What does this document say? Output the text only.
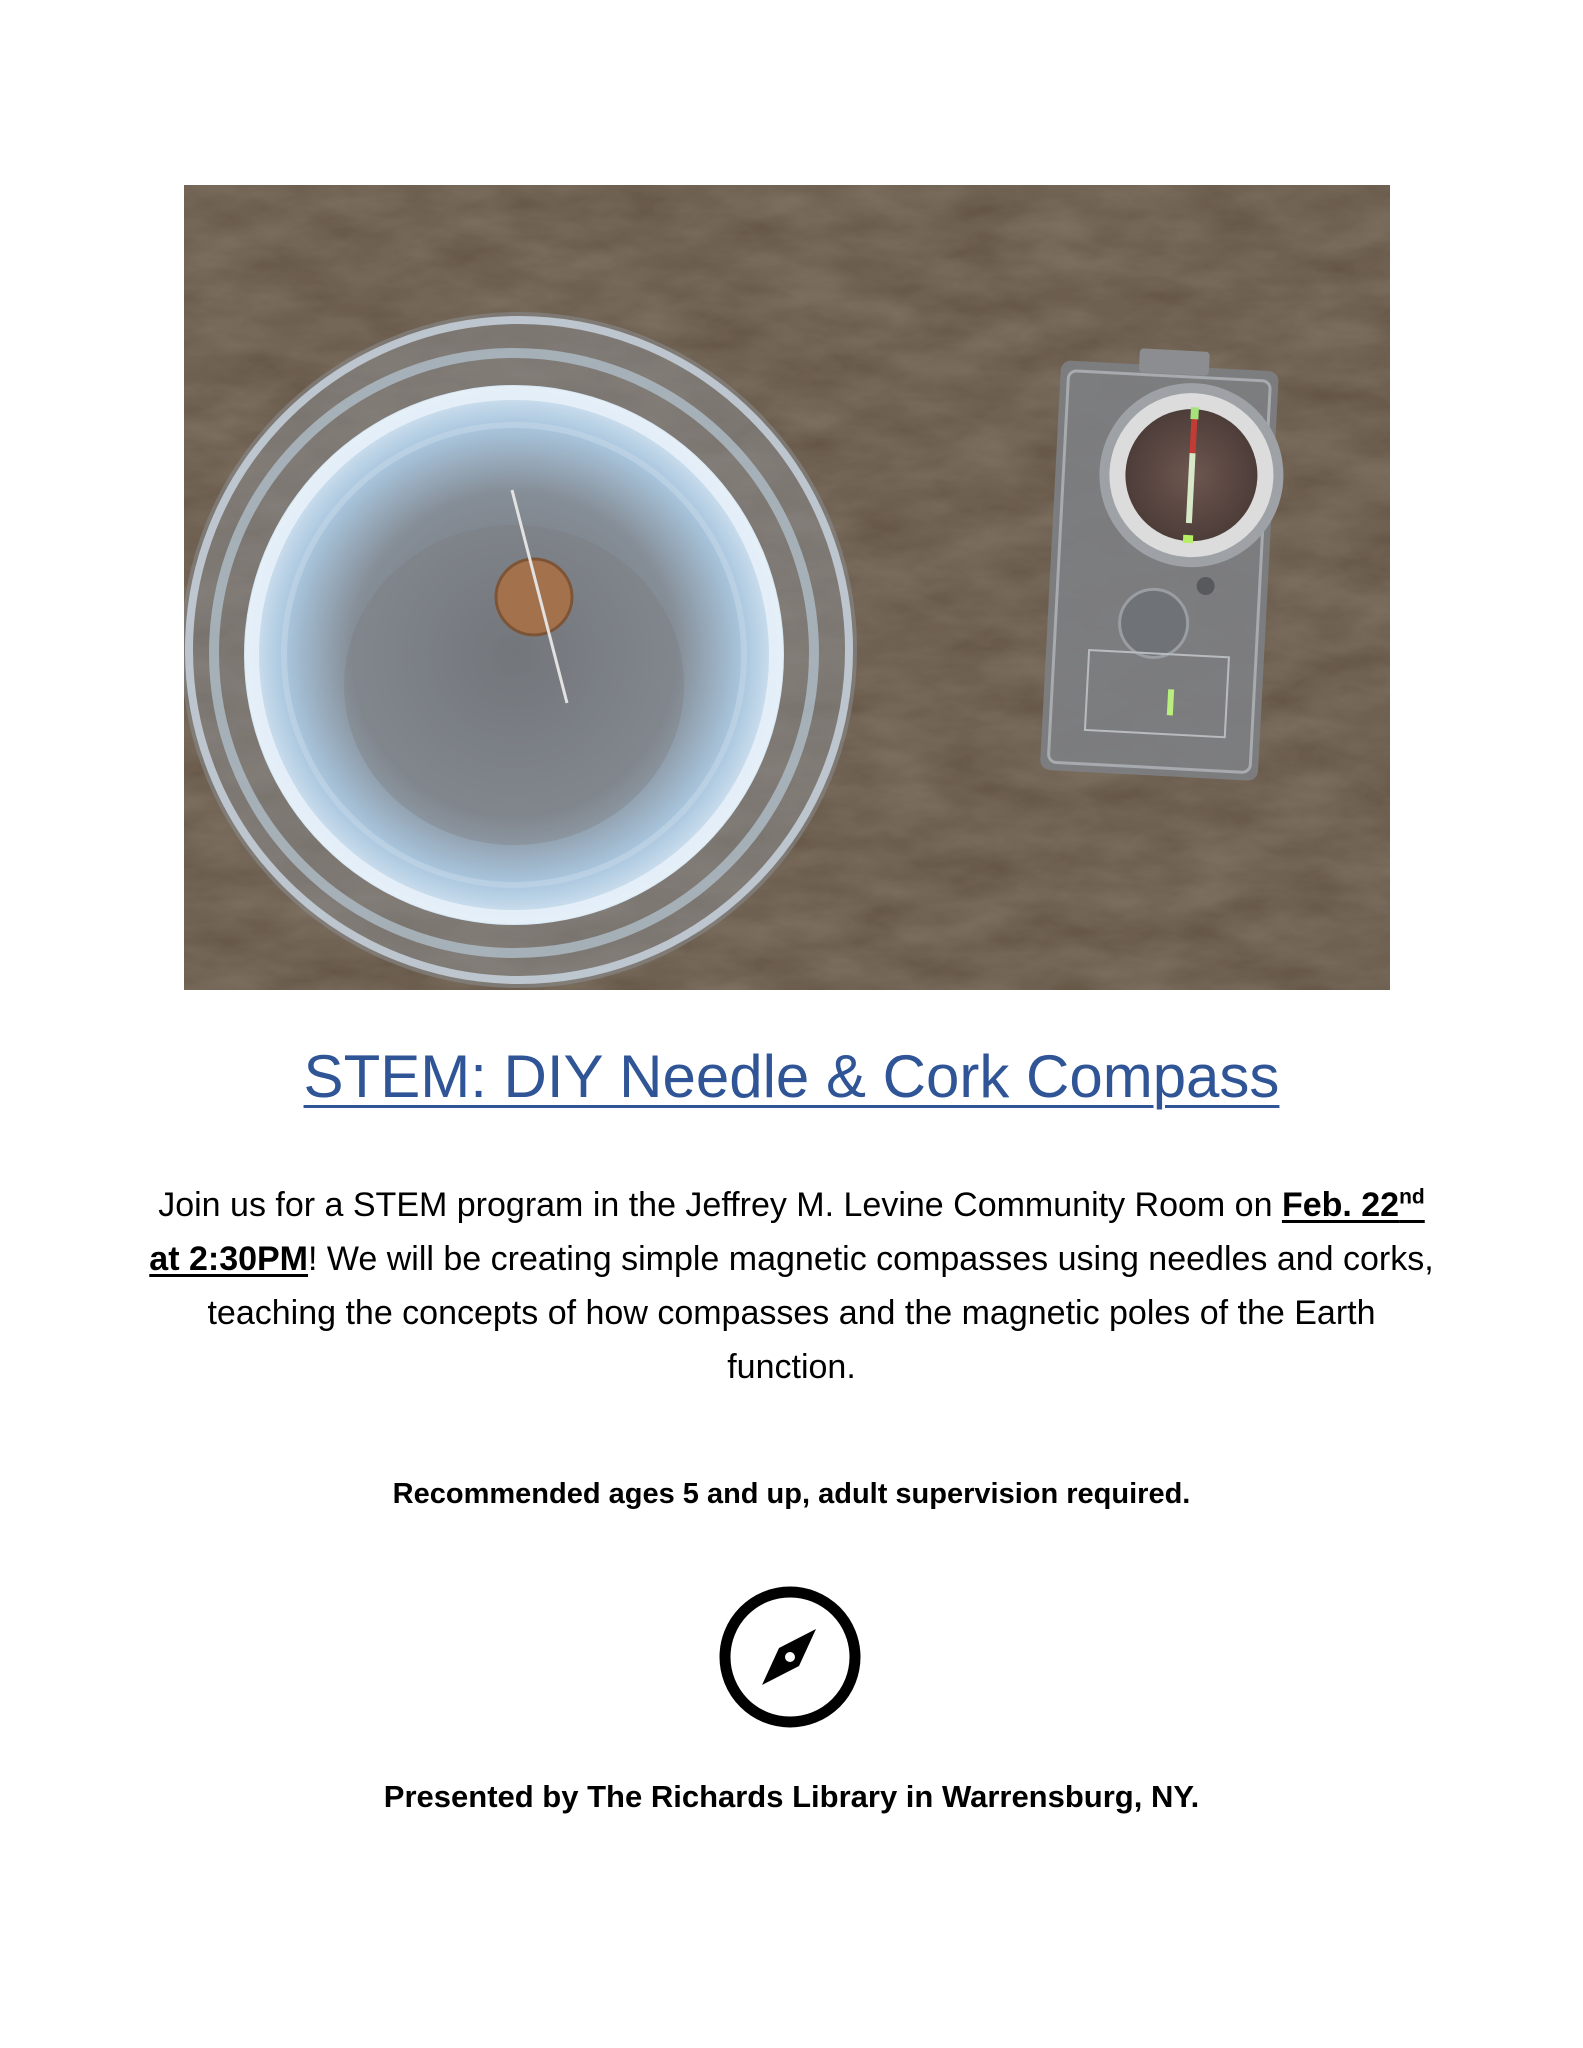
STEM: DIY Needle & Cork Compass
Join us for a STEM program in the Jeffrey M. Levine Community Room on Feb. 22nd at 2:30PM! We will be creating simple magnetic compasses using needles and corks, teaching the concepts of how compasses and the magnetic poles of the Earth function.
Recommended ages 5 and up, adult supervision required.
Presented by The Richards Library in Warrensburg, NY.
